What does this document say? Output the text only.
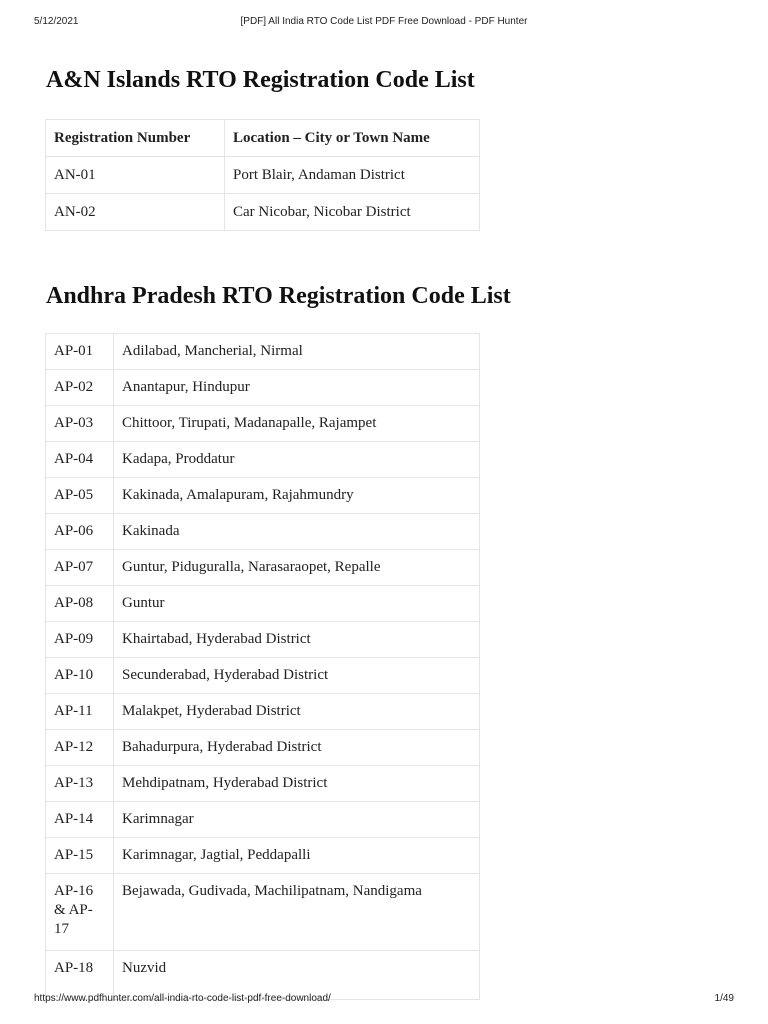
5/12/2021	[PDF] All India RTO Code List PDF Free Download - PDF Hunter
A&N Islands RTO Registration Code List
Registration Number	Location – City or Town Name
AN-01	Port Blair, Andaman District
AN-02	Car Nicobar, Nicobar District
Andhra Pradesh RTO Registration Code List
AP-01	Adilabad, Mancherial, Nirmal
AP-02	Anantapur, Hindupur
AP-03	Chittoor, Tirupati, Madanapalle, Rajampet
AP-04	Kadapa, Proddatur
AP-05	Kakinada, Amalapuram, Rajahmundry
AP-06	Kakinada
AP-07	Guntur, Piduguralla, Narasaraopet, Repalle
AP-08	Guntur
AP-09	Khairtabad, Hyderabad District
AP-10	Secunderabad, Hyderabad District
AP-11	Malakpet, Hyderabad District
AP-12	Bahadurpura, Hyderabad District
AP-13	Mehdipatnam, Hyderabad District
AP-14	Karimnagar
AP-15	Karimnagar, Jagtial, Peddapalli
AP-16 & AP-17	Bejawada, Gudivada, Machilipatnam, Nandigama
AP-18	Nuzvid
https://www.pdfhunter.com/all-india-rto-code-list-pdf-free-download/	1/49
